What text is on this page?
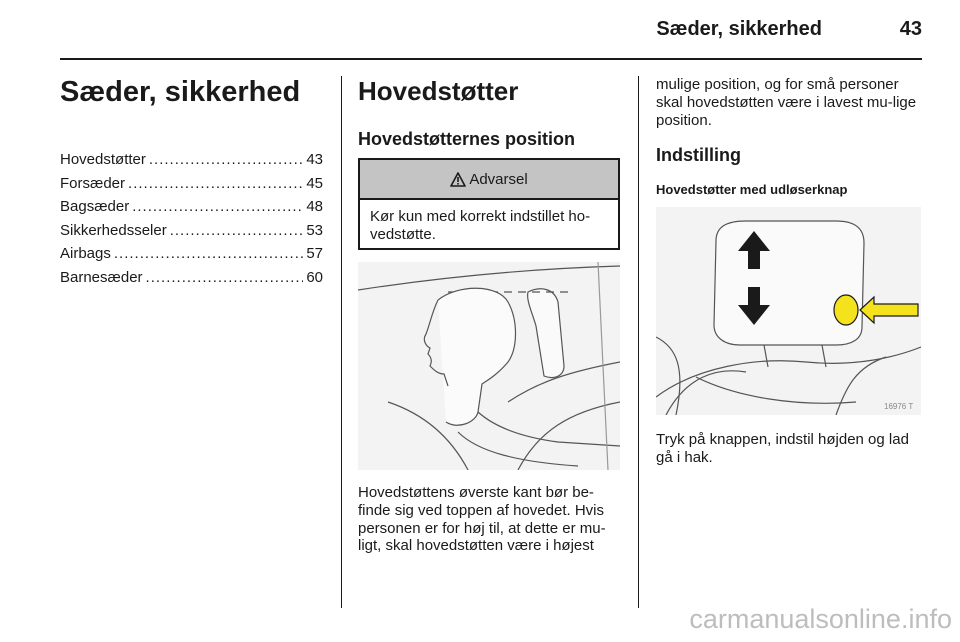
Sæder, sikkerhed	43
Sæder, sikkerhed
Hovedstøtter .....	43
Forsæder .....	45
Bagsæder .....	48
Sikkerhedsseler .....	53
Airbags .....	57
Barnesæder .....	60
Hovedstøtter
Hovedstøtternes position
Advarsel
Kør kun med korrekt indstillet ho-vedstøtte.
Hovedstøttens øverste kant bør be-finde sig ved toppen af hovedet. Hvis personen er for høj til, at dette er mu-ligt, skal hovedstøtten være i højest
mulige position, og for små personer skal hovedstøtten være i lavest mu-lige position.
Indstilling
Hovedstøtter med udløserknap
16976 T
Tryk på knappen, indstil højden og lad gå i hak.
carmanualsonline.info
